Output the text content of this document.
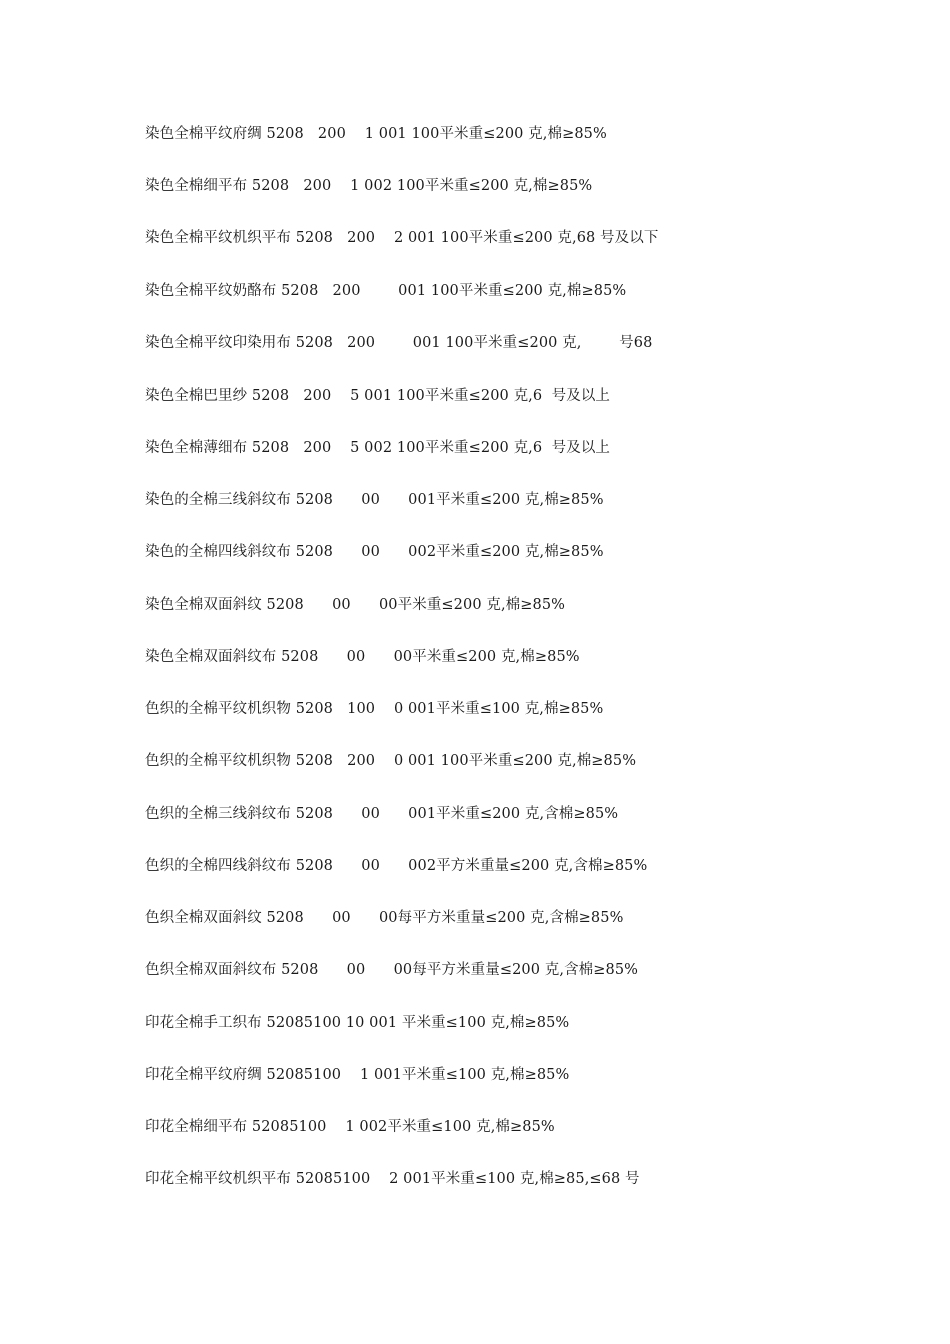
染色全棉平纹府绸 5208   200    1 001 100平米重≤200 克,棉≥85%
染色全棉细平布 5208   200    1 002 100平米重≤200 克,棉≥85%
染色全棉平纹机织平布 5208   200    2 001 100平米重≤200 克,68 号及以下
染色全棉平纹奶酪布 5208   200        001 100平米重≤200 克,棉≥85%
染色全棉平纹印染用布 5208   200        001 100平米重≤200 克,        号68
染色全棉巴里纱 5208   200    5 001 100平米重≤200 克,6  号及以上
染色全棉薄细布 5208   200    5 002 100平米重≤200 克,6  号及以上
染色的全棉三线斜纹布 5208      00      001平米重≤200 克,棉≥85%
染色的全棉四线斜纹布 5208      00      002平米重≤200 克,棉≥85%
染色全棉双面斜纹 5208      00      00平米重≤200 克,棉≥85%
染色全棉双面斜纹布 5208      00      00平米重≤200 克,棉≥85%
色织的全棉平纹机织物 5208   100    0 001平米重≤100 克,棉≥85%
色织的全棉平纹机织物 5208   200    0 001 100平米重≤200 克,棉≥85%
色织的全棉三线斜纹布 5208      00      001平米重≤200 克,含棉≥85%
色织的全棉四线斜纹布 5208      00      002平方米重量≤200 克,含棉≥85%
色织全棉双面斜纹 5208      00      00每平方米重量≤200 克,含棉≥85%
色织全棉双面斜纹布 5208      00      00每平方米重量≤200 克,含棉≥85%
印花全棉手工织布 52085100 10 001 平米重≤100 克,棉≥85%
印花全棉平纹府绸 52085100    1 001平米重≤100 克,棉≥85%
印花全棉细平布 52085100    1 002平米重≤100 克,棉≥85%
印花全棉平纹机织平布 52085100    2 001平米重≤100 克,棉≥85,≤68 号
